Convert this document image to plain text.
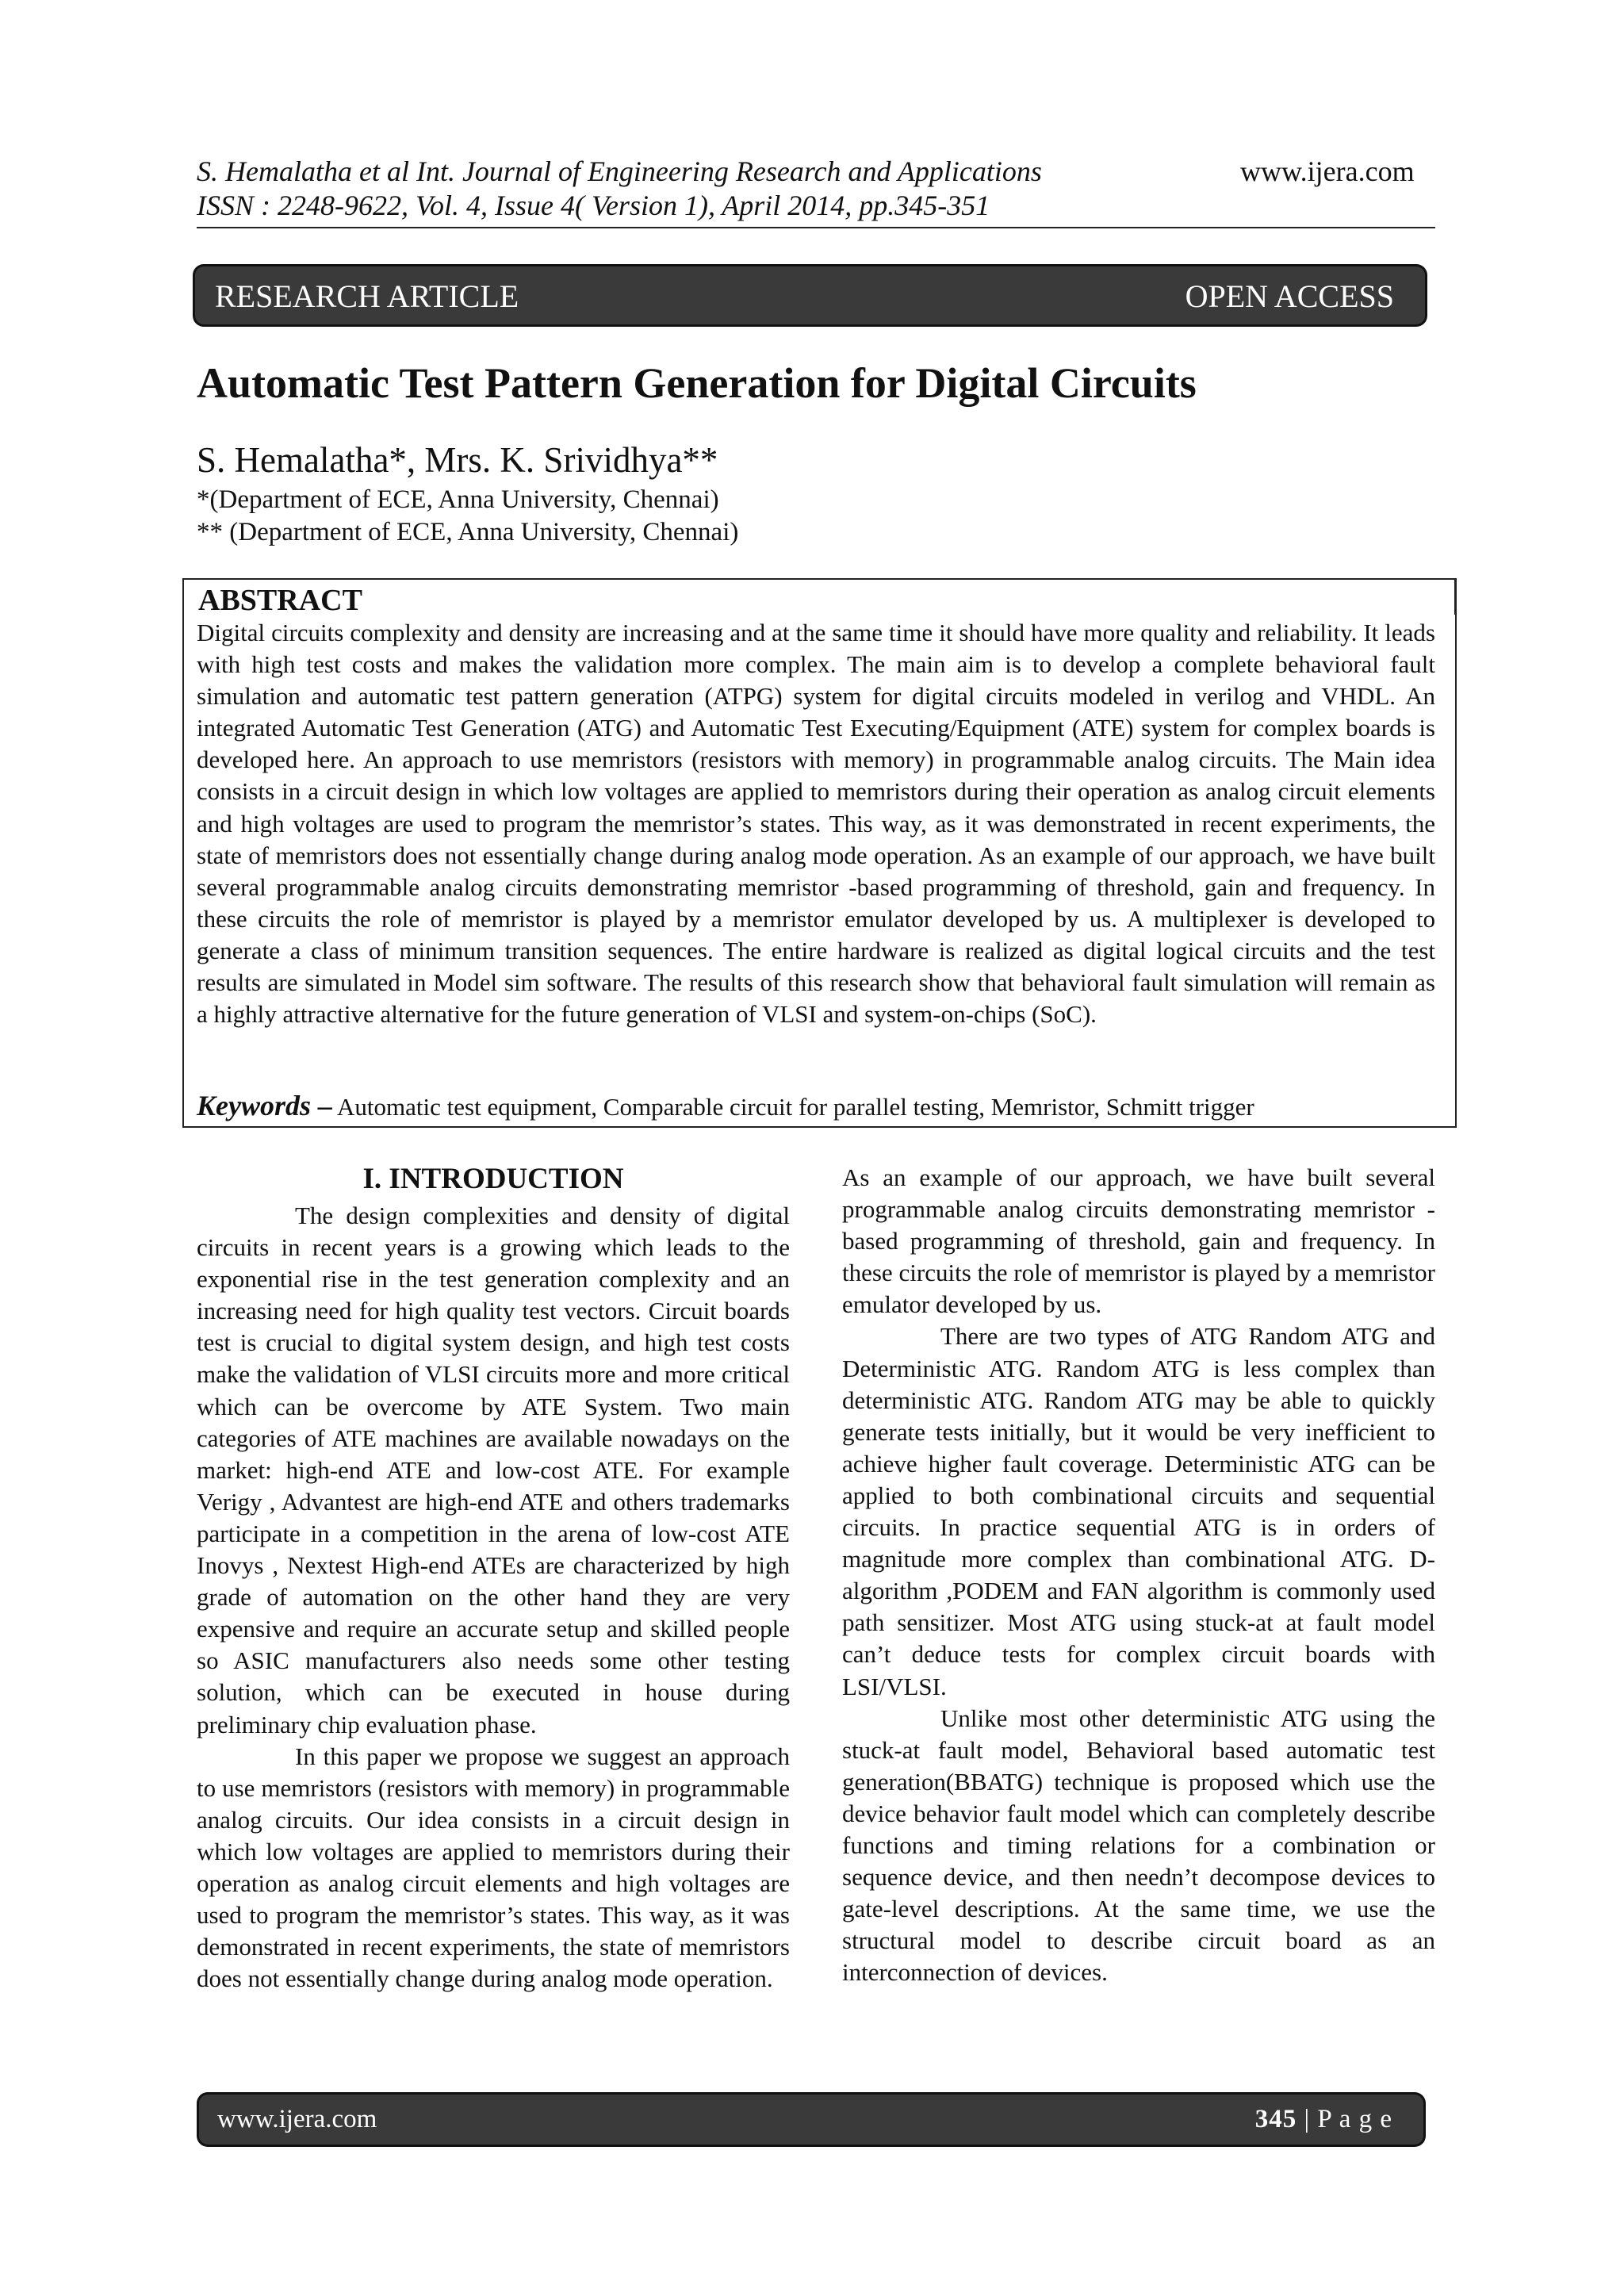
S. Hemalatha et al Int. Journal of Engineering Research and Applications
ISSN : 2248-9622, Vol. 4, Issue 4( Version 1), April 2014, pp.345-351
www.ijera.com
RESEARCH ARTICLE	OPEN ACCESS
Automatic Test Pattern Generation for Digital Circuits
S. Hemalatha*, Mrs. K. Srividhya**
*(Department of ECE, Anna University, Chennai)
** (Department of ECE, Anna University, Chennai)
ABSTRACT
Digital circuits complexity and density are increasing and at the same time it should have more quality and reliability. It leads with high test costs and makes the validation more complex. The main aim is to develop a complete behavioral fault simulation and automatic test pattern generation (ATPG) system for digital circuits modeled in verilog and VHDL. An integrated Automatic Test Generation (ATG) and Automatic Test Executing/Equipment (ATE) system for complex boards is developed here. An approach to use memristors (resistors with memory) in programmable analog circuits. The Main idea consists in a circuit design in which low voltages are applied to memristors during their operation as analog circuit elements and high voltages are used to program the memristor’s states. This way, as it was demonstrated in recent experiments, the state of memristors does not essentially change during analog mode operation. As an example of our approach, we have built several programmable analog circuits demonstrating memristor -based programming of threshold, gain and frequency. In these circuits the role of memristor is played by a memristor emulator developed by us. A multiplexer is developed to generate a class of minimum transition sequences. The entire hardware is realized as digital logical circuits and the test results are simulated in Model sim software. The results of this research show that behavioral fault simulation will remain as a highly attractive alternative for the future generation of VLSI and system-on-chips (SoC).
Keywords – Automatic test equipment, Comparable circuit for parallel testing, Memristor, Schmitt trigger

I. INTRODUCTION

The design complexities and density of digital circuits in recent years is a growing which leads to the exponential rise in the test generation complexity and an increasing need for high quality test vectors. Circuit boards test is crucial to digital system design, and high test costs make the validation of VLSI circuits more and more critical which can be overcome by ATE System. Two main categories of ATE machines are available nowadays on the market: high-end ATE and low-cost ATE. For example Verigy , Advantest are high-end ATE and others trademarks participate in a competition in the arena of low-cost ATE Inovys , Nextest High-end ATEs are characterized by high grade of automation on the other hand they are very expensive and require an accurate setup and skilled people so ASIC manufacturers also needs some other testing solution, which can be executed in house during preliminary chip evaluation phase.

In this paper we propose we suggest an approach to use memristors (resistors with memory) in programmable analog circuits. Our idea consists in a circuit design in which low voltages are applied to memristors during their operation as analog circuit elements and high voltages are used to program the memristor’s states. This way, as it was demonstrated in recent experiments, the state of memristors does not essentially change during analog mode operation.

As an example of our approach, we have built several programmable analog circuits demonstrating memristor -based programming of threshold, gain and frequency. In these circuits the role of memristor is played by a memristor emulator developed by us.

There are two types of ATG Random ATG and Deterministic ATG. Random ATG is less complex than deterministic ATG. Random ATG may be able to quickly generate tests initially, but it would be very inefficient to achieve higher fault coverage. Deterministic ATG can be applied to both combinational circuits and sequential circuits. In practice sequential ATG is in orders of magnitude more complex than combinational ATG. D-algorithm ,PODEM and FAN algorithm is commonly used path sensitizer. Most ATG using stuck-at at fault model can’t deduce tests for complex circuit boards with LSI/VLSI.

Unlike most other deterministic ATG using the stuck-at fault model, Behavioral based automatic test generation(BBATG) technique is proposed which use the device behavior fault model which can completely describe functions and timing relations for a combination or sequence device, and then needn’t decompose devices to gate-level descriptions. At the same time, we use the structural model to describe circuit board as an interconnection of devices.

www.ijera.com	345 | P a g e
